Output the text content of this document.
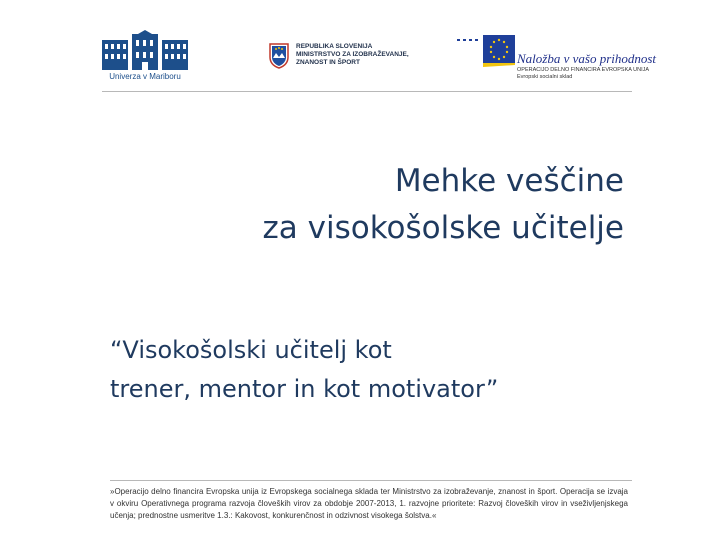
Univerza v Mariboru
REPUBLIKA SLOVENIJA
MINISTRSTVO ZA IZOBRAŽEVANJE,
ZNANOST IN ŠPORT	Naložba v vašo prihodnost
OPERACIJO DELNO FINANCIRA EVROPSKA UNIJA
Evropski socialni sklad
Mehke veščine
za visokošolske učitelje
“Visokošolski učitelj kot
trener, mentor in kot motivator”
»Operacijo delno financira Evropska unija iz Evropskega socialnega sklada ter Ministrstvo za izobraževanje, znanost in šport. Operacija se izvaja v okviru Operativnega programa razvoja človeških virov za obdobje 2007-2013, 1. razvojne prioritete: Razvoj človeških virov in vseživljenjskega učenja; prednostne usmeritve 1.3.: Kakovost, konkurenčnost in odzivnost visokega šolstva.«
